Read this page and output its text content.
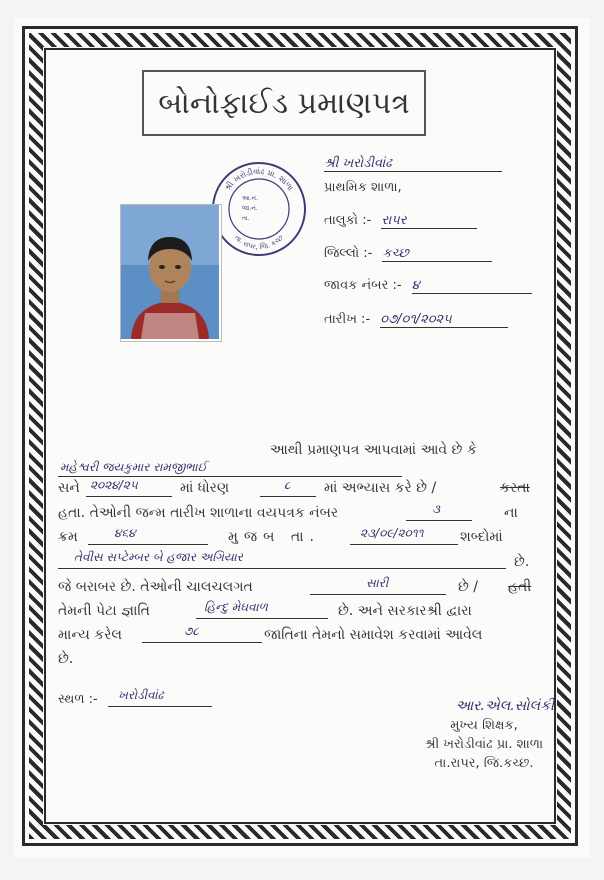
બોનોફાઈડ પ્રમાણપત્ર
શ્રી ખરોડીવાંઢ પ્રા. શાળા
તા. રાપર, જિ. કચ્છ
આ.નં.
જા.નં.
તા.
શ્રી ખરોડીવાંઢ
પ્રાથમિક શાળા,
તાલુકો :- રાપર
જિલ્લો :- કચ્છ
જાવક નંબર :- ૪
તારીખ :- ૦૭/૦૧/૨૦૨૫
આથી પ્રમાણપત્ર આપવામાં આવે છે કે
મહેશ્વરી જયકુમાર રામજીભાઈ
સને ૨૦૨૪/૨૫	માં ધોરણ	૮ માં અભ્યાસ કરે છે /	કરતા
હતા. તેઓની જન્મ તારીખ શાળાના વયપત્રક નંબર	૩	ના
ક્રમ	૪૬૪	મુજબ તા.	૨૩/૦૯/૨૦૧૧	શબ્દોમાં
તેવીસ સપ્ટેમ્બર બે હજાર અગિયાર	છે.
જે બરાબર છે. તેઓની ચાલચલગત	સારી	છે / હતી
તેમની પેટા જ્ઞાતિ	હિન્દુ મેઘવાળ	છે. અને સરકારશ્રી દ્વારા
માન્ય કરેલ	૭૮	જાતિના તેમનો સમાવેશ કરવામાં આવેલ
છે.
સ્થળ :- ખરોડીવાંઢ
આર.એલ.સોલંકી
મુખ્ય શિક્ષક,
શ્રી ખરોડીવાંઢ પ્રા. શાળા
તા.રાપર, જિ.કચ્છ.
